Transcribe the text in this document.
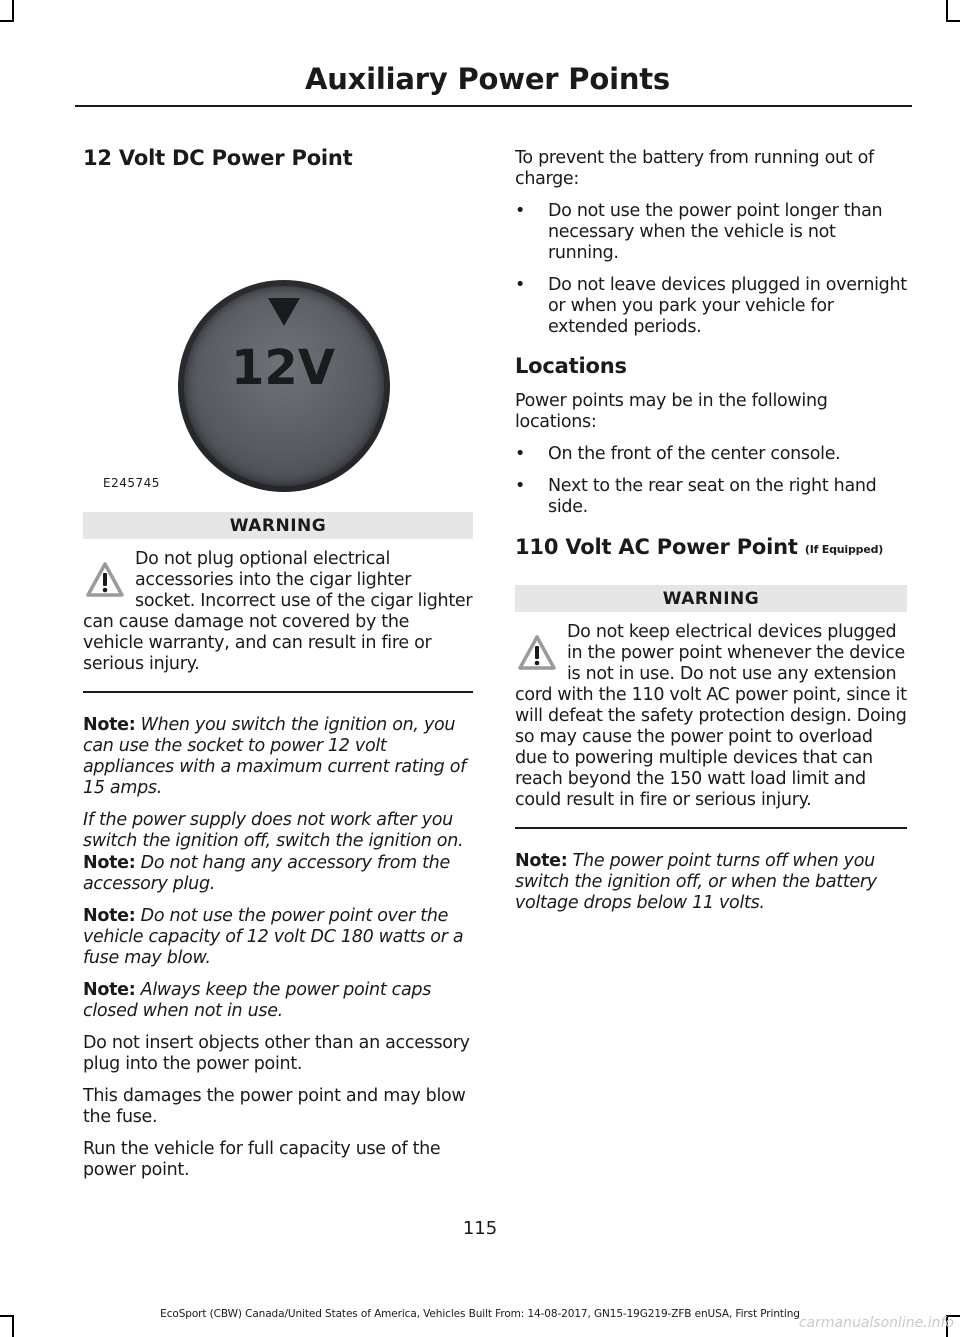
Auxiliary Power Points
12 Volt DC Power Point
12V
E245745
WARNING

Do not plug optional electrical accessories into the cigar lighter socket. Incorrect use of the cigar lighter can cause damage not covered by the vehicle warranty, and can result in fire or serious injury.

Note: When you switch the ignition on, you can use the socket to power 12 volt appliances with a maximum current rating of 15 amps.

If the power supply does not work after you switch the ignition off, switch the ignition on.

Note: Do not hang any accessory from the accessory plug.

Note: Do not use the power point over the vehicle capacity of 12 volt DC 180 watts or a fuse may blow.

Note: Always keep the power point caps closed when not in use.

Do not insert objects other than an accessory plug into the power point.

This damages the power point and may blow the fuse.

Run the vehicle for full capacity use of the power point.

To prevent the battery from running out of charge:

• Do not use the power point longer than necessary when the vehicle is not running.

• Do not leave devices plugged in overnight or when you park your vehicle for extended periods.

Locations

Power points may be in the following locations:

• On the front of the center console.

• Next to the rear seat on the right hand side.

110 Volt AC Power Point (If Equipped)
WARNING

Do not keep electrical devices plugged in the power point whenever the device is not in use. Do not use any extension cord with the 110 volt AC power point, since it will defeat the safety protection design. Doing so may cause the power point to overload due to powering multiple devices that can reach beyond the 150 watt load limit and could result in fire or serious injury.

Note: The power point turns off when you switch the ignition off, or when the battery voltage drops below 11 volts.

115
EcoSport (CBW) Canada/United States of America, Vehicles Built From: 14-08-2017, GN15-19G219-ZFB enUSA, First Printing
carmanualsonline.info
